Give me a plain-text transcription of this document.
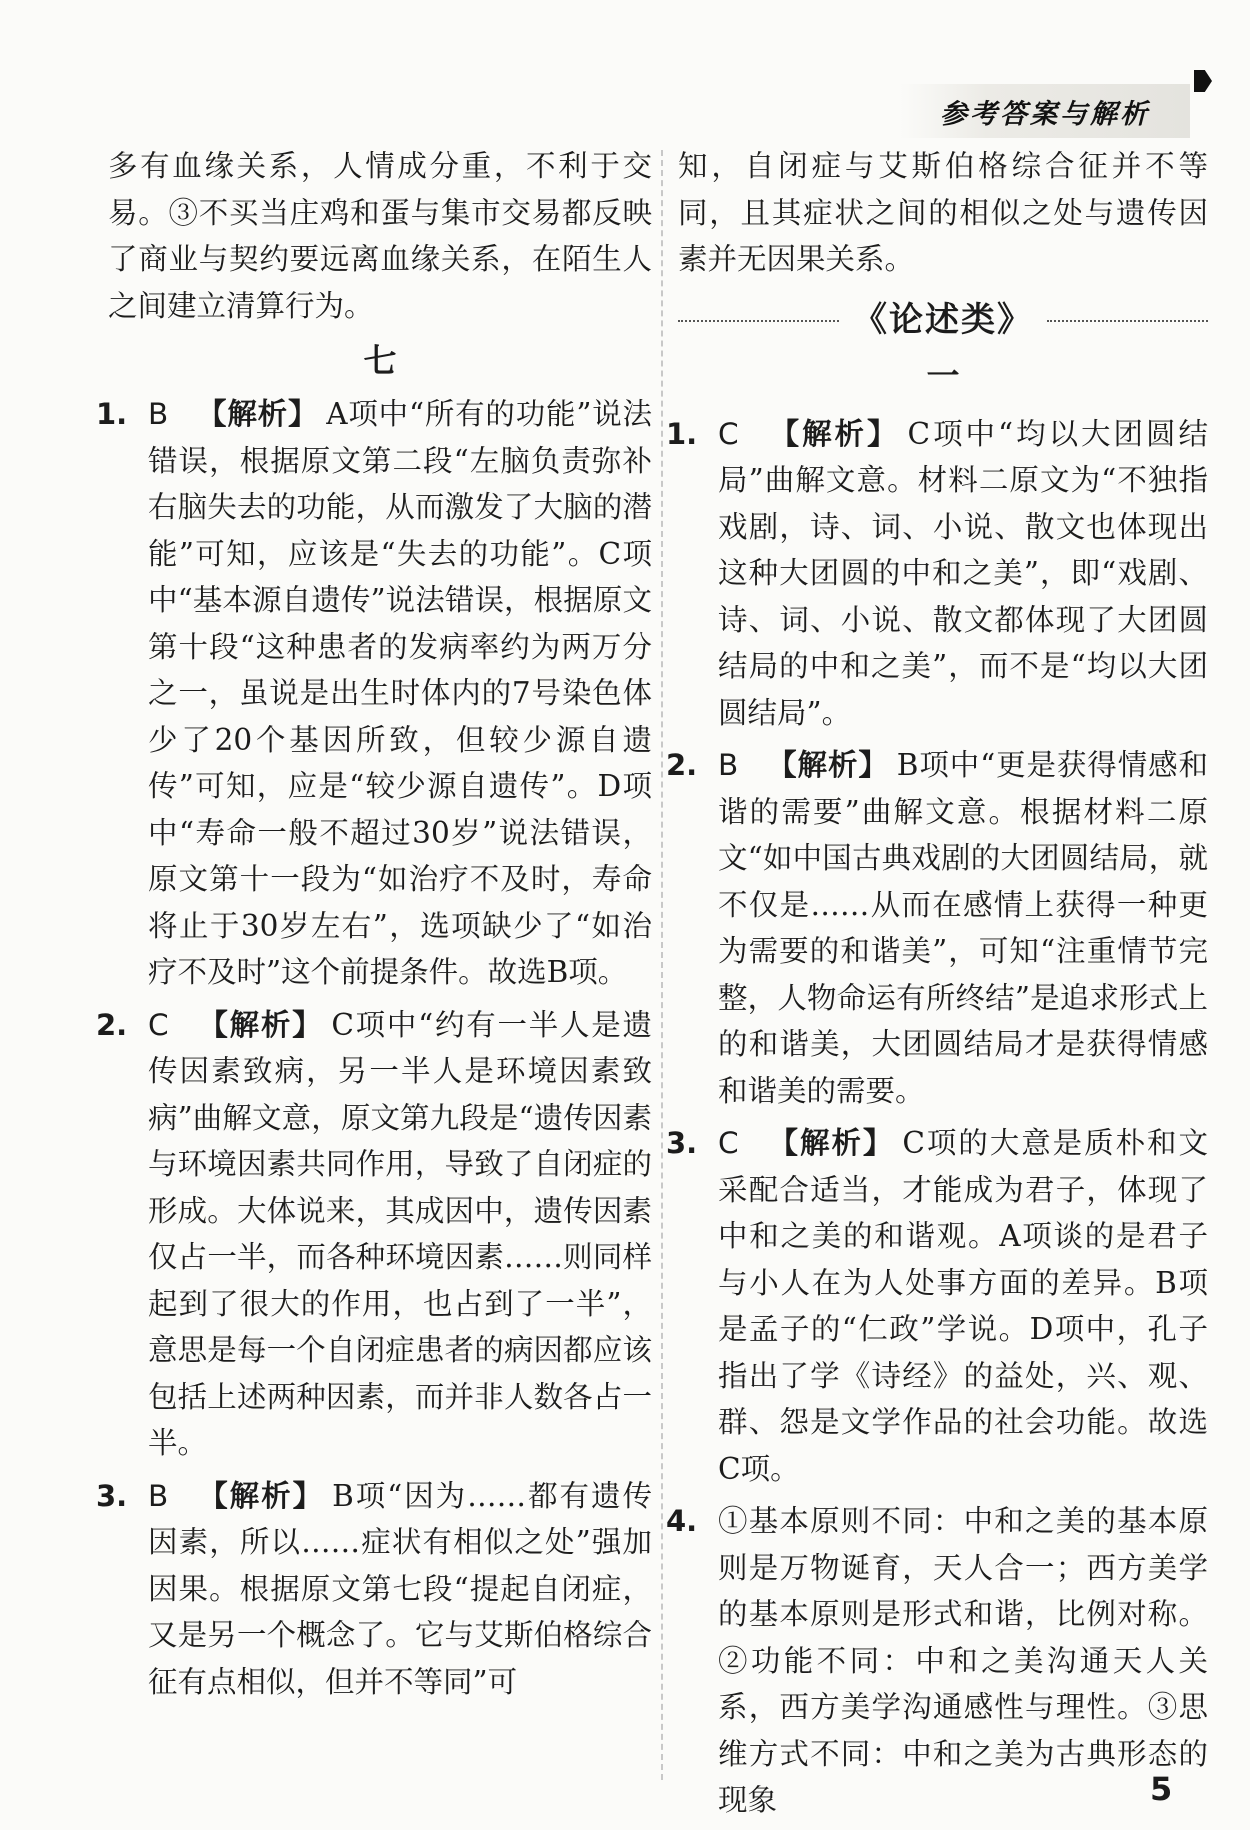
参考答案与解析

多有血缘关系，人情成分重，不利于交易。③不买当庄鸡和蛋与集市交易都反映了商业与契约要远离血缘关系，在陌生人之间建立清算行为。

七
1. B 【解析】 A项中“所有的功能”说法错误，根据原文第二段“左脑负责弥补右脑失去的功能，从而激发了大脑的潜能”可知，应该是“失去的功能”。C项中“基本源自遗传”说法错误，根据原文第十段“这种患者的发病率约为两万分之一，虽说是出生时体内的7号染色体少了20个基因所致，但较少源自遗传”可知，应是“较少源自遗传”。D项中“寿命一般不超过30岁”说法错误，原文第十一段为“如治疗不及时，寿命将止于30岁左右”，选项缺少了“如治疗不及时”这个前提条件。故选B项。
2. C 【解析】 C项中“约有一半人是遗传因素致病，另一半人是环境因素致病”曲解文意，原文第九段是“遗传因素与环境因素共同作用，导致了自闭症的形成。大体说来，其成因中，遗传因素仅占一半，而各种环境因素……则同样起到了很大的作用，也占到了一半”，意思是每一个自闭症患者的病因都应该包括上述两种因素，而并非人数各占一半。
3. B 【解析】 B项“因为……都有遗传因素，所以……症状有相似之处”强加因果。根据原文第七段“提起自闭症，又是另一个概念了。它与艾斯伯格综合征有点相似，但并不等同”可

知，自闭症与艾斯伯格综合征并不等同，且其症状之间的相似之处与遗传因素并无因果关系。

《论述类》
一
1. C 【解析】 C项中“均以大团圆结局”曲解文意。材料二原文为“不独指戏剧，诗、词、小说、散文也体现出这种大团圆的中和之美”，即“戏剧、诗、词、小说、散文都体现了大团圆结局的中和之美”，而不是“均以大团圆结局”。
2. B 【解析】 B项中“更是获得情感和谐的需要”曲解文意。根据材料二原文“如中国古典戏剧的大团圆结局，就不仅是……从而在感情上获得一种更为需要的和谐美”，可知“注重情节完整，人物命运有所终结”是追求形式上的和谐美，大团圆结局才是获得情感和谐美的需要。
3. C 【解析】 C项的大意是质朴和文采配合适当，才能成为君子，体现了中和之美的和谐观。A项谈的是君子与小人在为人处事方面的差异。B项是孟子的“仁政”学说。D项中，孔子指出了学《诗经》的益处，兴、观、群、怨是文学作品的社会功能。故选C项。
4. ①基本原则不同：中和之美的基本原则是万物诞育，天人合一；西方美学的基本原则是形式和谐，比例对称。②功能不同：中和之美沟通天人关系，西方美学沟通感性与理性。③思维方式不同：中和之美为古典形态的现象	5
